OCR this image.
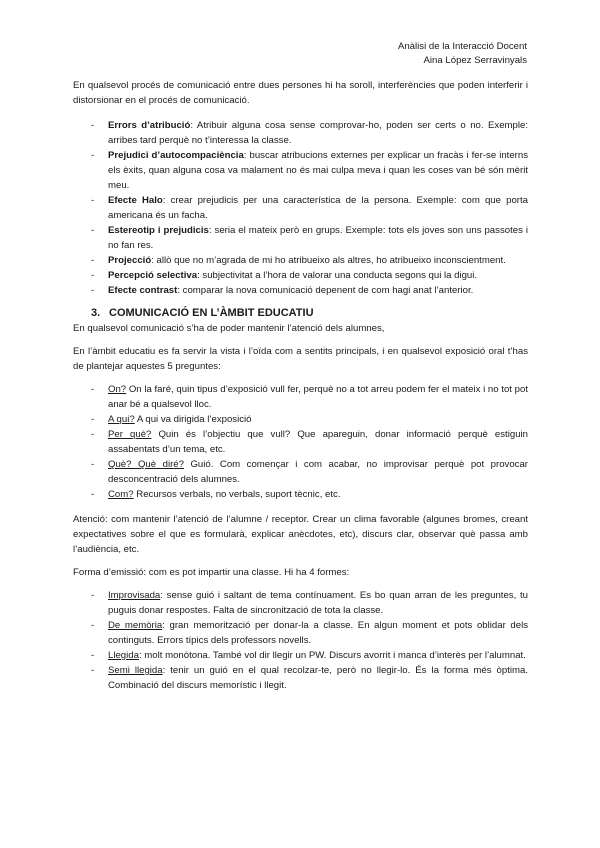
Anàlisi de la Interacció Docent
Aina López Serravinyals

En qualsevol procés de comunicació entre dues persones hi ha soroll, interferències que poden interferir i distorsionar en el procés de comunicació.

- Errors d’atribució: Atribuir alguna cosa sense comprovar-ho, poden ser certs o no. Exemple: arribes tard perquè no t’interessa la classe.
- Prejudici d’autocompaciència: buscar atribucions externes per explicar un fracàs i fer-se interns els èxits, quan alguna cosa va malament no és mai culpa meva i quan les coses van bé són mèrit meu.
- Efecte Halo: crear prejudicis per una característica de la persona. Exemple: com que porta americana és un facha.
- Estereotip i prejudicis: seria el mateix però en grups. Exemple: tots els joves son uns passotes i no fan res.
- Projecció: allò que no m’agrada de mi ho atribueixo als altres, ho atribueixo inconscientment.
- Percepció selectiva: subjectivitat a l’hora de valorar una conducta segons qui la digui.
- Efecte contrast: comparar la nova comunicació depenent de com hagi anat l’anterior.
3. COMUNICACIÓ EN L’ÀMBIT EDUCATIU

En qualsevol comunicació s’ha de poder mantenir l’atenció dels alumnes,

En l’àmbit educatiu es fa servir la vista i l’oïda com a sentits principals, i en qualsevol exposició oral t’has de plantejar aquestes 5 preguntes:

- On? On la faré, quin tipus d’exposició vull fer, perquè no a tot arreu podem fer el mateix i no tot pot anar bé a qualsevol lloc.
- A qui? A qui va dirigida l’exposició
- Per què? Quin és l’objectiu que vull? Que apareguin, donar informació perquè estiguin assabentats d’un tema, etc.
- Què? Què diré? Guió. Com començar i com acabar, no improvisar perquè pot provocar desconcentració dels alumnes.
- Com? Recursos verbals, no verbals, suport tècnic, etc.

Atenció: com mantenir l’atenció de l’alumne / receptor. Crear un clima favorable (algunes bromes, creant expectatives sobre el que es formularà, explicar anècdotes, etc), discurs clar, observar què passa amb l’audiència, etc.

Forma d’emissió: com es pot impartir una classe. Hi ha 4 formes:

- Improvisada: sense guió i saltant de tema contínuament. Es bo quan arran de les preguntes, tu puguis donar respostes. Falta de sincronització de tota la classe.
- De memòria: gran memorització per donar-la a classe. En algun moment et pots oblidar dels continguts. Errors típics dels professors novells.
- Llegida: molt monòtona. També vol dir llegir un PW. Discurs avorrit i manca d’interès per l’alumnat.
- Semi llegida: tenir un guió en el qual recolzar-te, però no llegir-lo. És la forma més òptima. Combinació del discurs memorístic i llegit.
